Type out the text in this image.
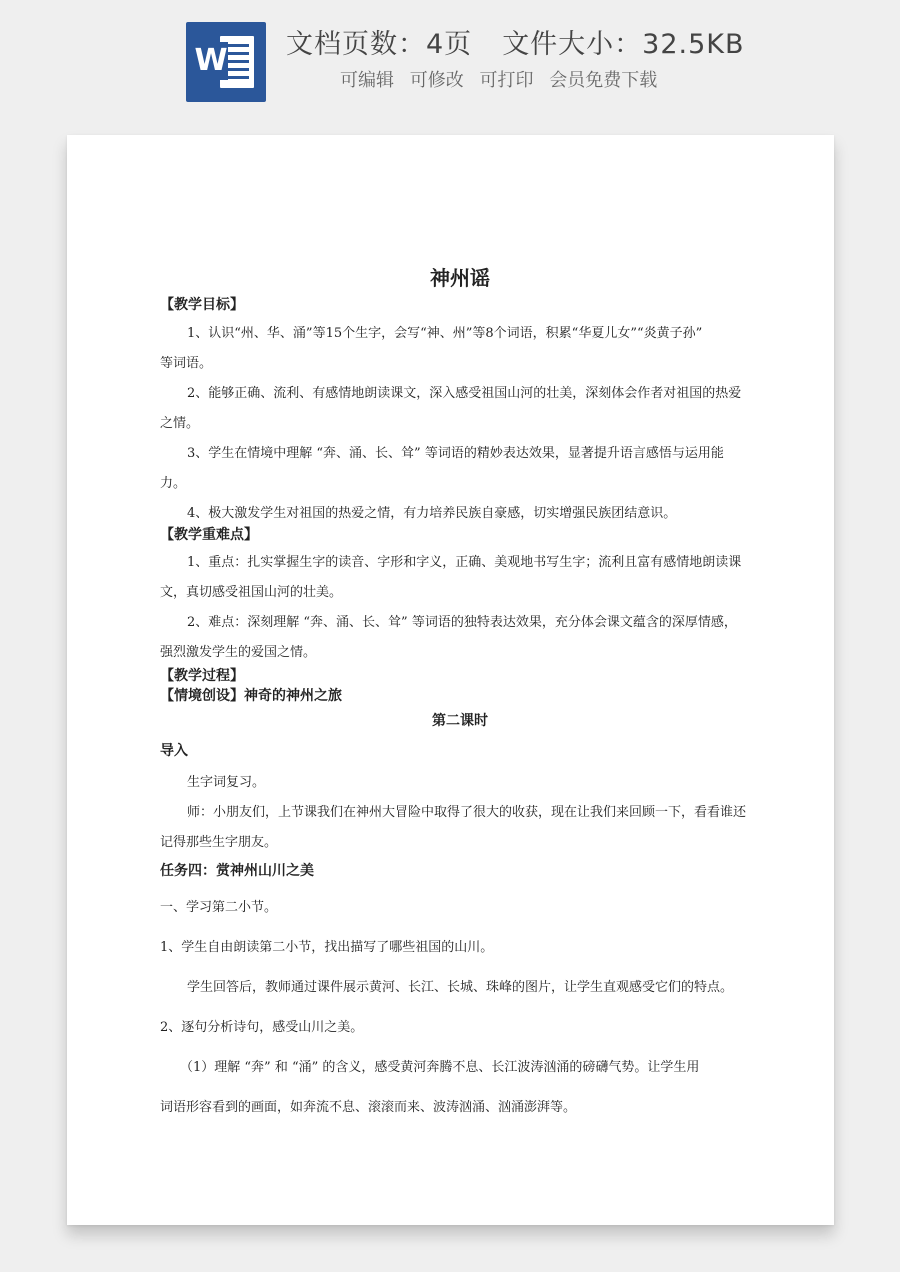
W 文档页数：4页 文件大小：32.5KB
可编辑 可修改 可打印 会员免费下载
神州谣
【教学目标】
1、认识“州、华、涌”等15个生字，会写“神、州”等8个词语，积累“华夏儿女”“炎黄子孙”
等词语。
2、能够正确、流利、有感情地朗读课文，深入感受祖国山河的壮美，深刻体会作者对祖国的热爱
之情。
3、学生在情境中理解 “奔、涌、长、耸” 等词语的精妙表达效果，显著提升语言感悟与运用能
力。
4、极大激发学生对祖国的热爱之情，有力培养民族自豪感，切实增强民族团结意识。
【教学重难点】
1、重点：扎实掌握生字的读音、字形和字义，正确、美观地书写生字；流利且富有感情地朗读课
文，真切感受祖国山河的壮美。
2、难点：深刻理解 “奔、涌、长、耸” 等词语的独特表达效果，充分体会课文蕴含的深厚情感，
强烈激发学生的爱国之情。
【教学过程】
【情境创设】神奇的神州之旅
第二课时
导入
生字词复习。
师：小朋友们，上节课我们在神州大冒险中取得了很大的收获，现在让我们来回顾一下，看看谁还
记得那些生字朋友。
任务四：赏神州山川之美
一、学习第二小节。
1、学生自由朗读第二小节，找出描写了哪些祖国的山川。
学生回答后，教师通过课件展示黄河、长江、长城、珠峰的图片，让学生直观感受它们的特点。
2、逐句分析诗句，感受山川之美。
（1）理解 “奔” 和 “涌” 的含义，感受黄河奔腾不息、长江波涛汹涌的磅礴气势。让学生用
词语形容看到的画面，如奔流不息、滚滚而来、波涛汹涌、汹涌澎湃等。
